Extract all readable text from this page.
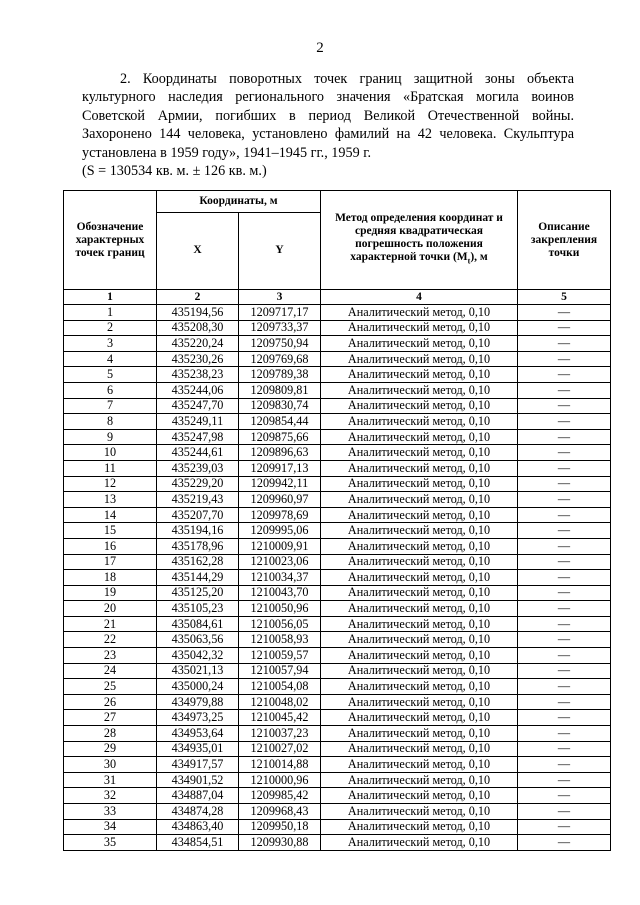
2
2. Координаты поворотных точек границ защитной зоны объекта культурного наследия регионального значения «Братская могила воинов Советской Армии, погибших в период Великой Отечественной войны. Захоронено 144 человека, установлено фамилий на 42 человека. Скульптура установлена в 1959 году», 1941–1945 гг., 1959 г.
(S = 130534 кв. м. ± 126 кв. м.)
Обозначение характерных точек границ	Координаты, м		Метод определения координат и средняя квадратическая погрешность положения характерной точки $(M_t)$, м	Описание закрепления точки
	X	Y		
1	2	3	4	5
1	435194,56	1209717,17	Аналитический метод, 0,10	—
2	435208,30	1209733,37	Аналитический метод, 0,10	—
3	435220,24	1209750,94	Аналитический метод, 0,10	—
4	435230,26	1209769,68	Аналитический метод, 0,10	—
5	435238,23	1209789,38	Аналитический метод, 0,10	—
6	435244,06	1209809,81	Аналитический метод, 0,10	—
7	435247,70	1209830,74	Аналитический метод, 0,10	—
8	435249,11	1209854,44	Аналитический метод, 0,10	—
9	435247,98	1209875,66	Аналитический метод, 0,10	—
10	435244,61	1209896,63	Аналитический метод, 0,10	—
11	435239,03	1209917,13	Аналитический метод, 0,10	—
12	435229,20	1209942,11	Аналитический метод, 0,10	—
13	435219,43	1209960,97	Аналитический метод, 0,10	—
14	435207,70	1209978,69	Аналитический метод, 0,10	—
15	435194,16	1209995,06	Аналитический метод, 0,10	—
16	435178,96	1210009,91	Аналитический метод, 0,10	—
17	435162,28	1210023,06	Аналитический метод, 0,10	—
18	435144,29	1210034,37	Аналитический метод, 0,10	—
19	435125,20	1210043,70	Аналитический метод, 0,10	—
20	435105,23	1210050,96	Аналитический метод, 0,10	—
21	435084,61	1210056,05	Аналитический метод, 0,10	—
22	435063,56	1210058,93	Аналитический метод, 0,10	—
23	435042,32	1210059,57	Аналитический метод, 0,10	—
24	435021,13	1210057,94	Аналитический метод, 0,10	—
25	435000,24	1210054,08	Аналитический метод, 0,10	—
26	434979,88	1210048,02	Аналитический метод, 0,10	—
27	434973,25	1210045,42	Аналитический метод, 0,10	—
28	434953,64	1210037,23	Аналитический метод, 0,10	—
29	434935,01	1210027,02	Аналитический метод, 0,10	—
30	434917,57	1210014,88	Аналитический метод, 0,10	—
31	434901,52	1210000,96	Аналитический метод, 0,10	—
32	434887,04	1209985,42	Аналитический метод, 0,10	—
33	434874,28	1209968,43	Аналитический метод, 0,10	—
34	434863,40	1209950,18	Аналитический метод, 0,10	—
35	434854,51	1209930,88	Аналитический метод, 0,10	—
